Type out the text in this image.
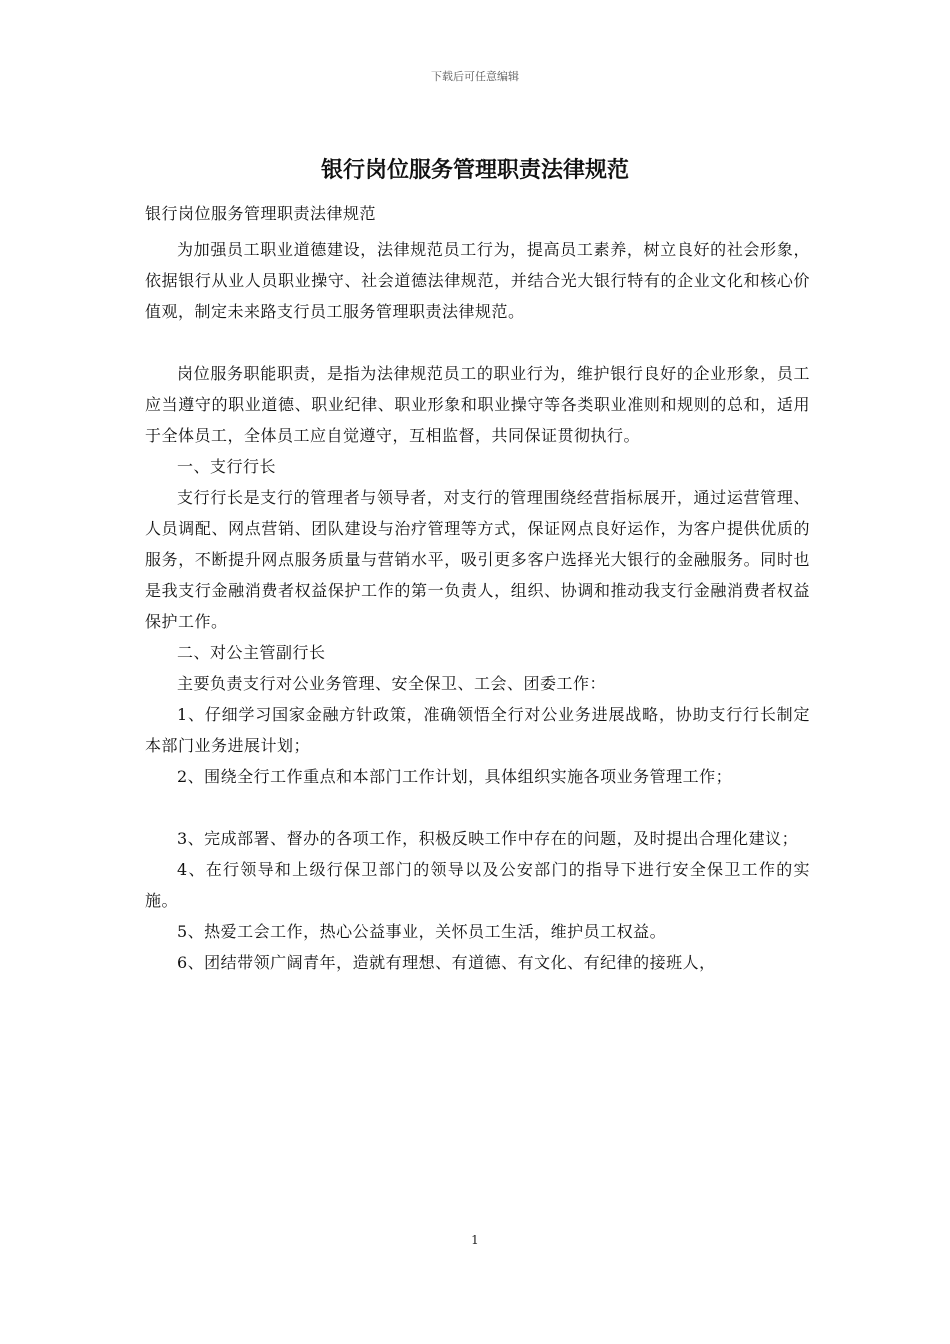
下载后可任意编辑
银行岗位服务管理职责法律规范

银行岗位服务管理职责法律规范

为加强员工职业道德建设，法律规范员工行为，提高员工素养，树立良好的社会形象，依据银行从业人员职业操守、社会道德法律规范，并结合光大银行特有的企业文化和核心价值观，制定未来路支行员工服务管理职责法律规范。

岗位服务职能职责，是指为法律规范员工的职业行为，维护银行良好的企业形象，员工应当遵守的职业道德、职业纪律、职业形象和职业操守等各类职业准则和规则的总和，适用于全体员工，全体员工应自觉遵守，互相监督，共同保证贯彻执行。

一、支行行长

支行行长是支行的管理者与领导者，对支行的管理围绕经营指标展开，通过运营管理、人员调配、网点营销、团队建设与治疗管理等方式，保证网点良好运作，为客户提供优质的服务，不断提升网点服务质量与营销水平，吸引更多客户选择光大银行的金融服务。同时也是我支行金融消费者权益保护工作的第一负责人，组织、协调和推动我支行金融消费者权益保护工作。

二、对公主管副行长

主要负责支行对公业务管理、安全保卫、工会、团委工作：

1、仔细学习国家金融方针政策，准确领悟全行对公业务进展战略，协助支行行长制定本部门业务进展计划；

2、围绕全行工作重点和本部门工作计划，具体组织实施各项业务管理工作；

3、完成部署、督办的各项工作，积极反映工作中存在的问题，及时提出合理化建议；

4、在行领导和上级行保卫部门的领导以及公安部门的指导下进行安全保卫工作的实施。

5、热爱工会工作，热心公益事业，关怀员工生活，维护员工权益。

6、团结带领广阔青年，造就有理想、有道德、有文化、有纪律的接班人，

1
